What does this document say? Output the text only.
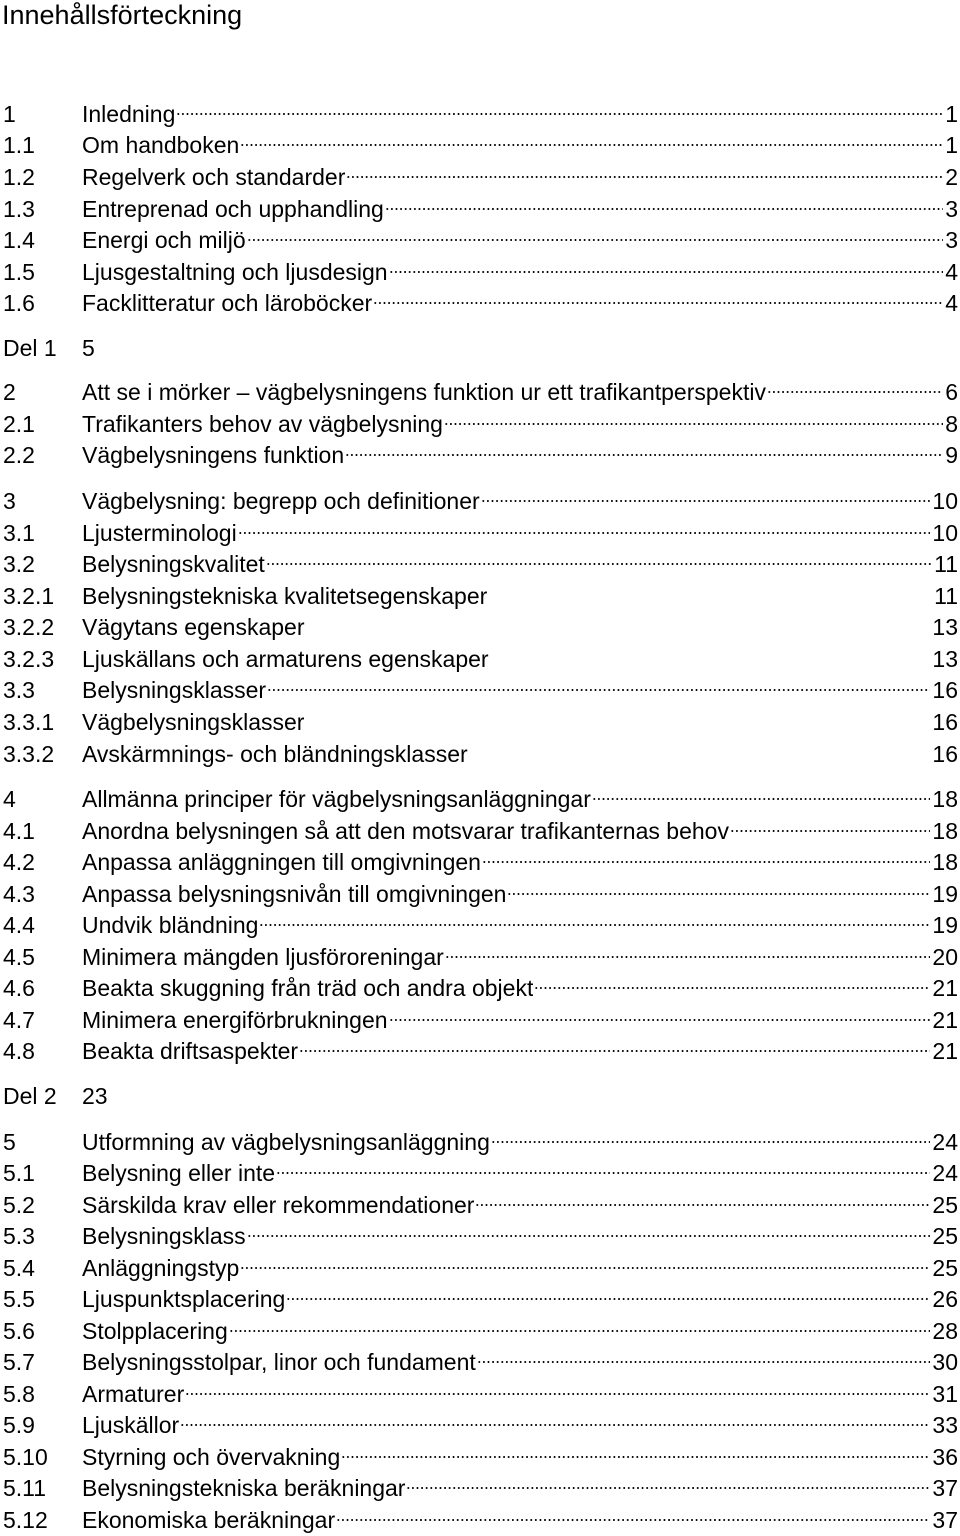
Innehållsförteckning
1	Inledning	1
1.1	Om handboken	1
1.2	Regelverk och standarder	2
1.3	Entreprenad och upphandling	3
1.4	Energi och miljö	3
1.5	Ljusgestaltning och ljusdesign	4
1.6	Facklitteratur och läroböcker	4
Del 1	5
2	Att se i mörker – vägbelysningens funktion ur ett trafikantperspektiv	6
2.1	Trafikanters behov av vägbelysning	8
2.2	Vägbelysningens funktion	9
3	Vägbelysning: begrepp och definitioner	10
3.1	Ljusterminologi	10
3.2	Belysningskvalitet	11
3.2.1	Belysningstekniska kvalitetsegenskaper	11
3.2.2	Vägytans egenskaper	13
3.2.3	Ljuskällans och armaturens egenskaper	13
3.3	Belysningsklasser	16
3.3.1	Vägbelysningsklasser	16
3.3.2	Avskärmnings- och bländningsklasser	16
4	Allmänna principer för vägbelysningsanläggningar	18
4.1	Anordna belysningen så att den motsvarar trafikanternas behov	18
4.2	Anpassa anläggningen till omgivningen	18
4.3	Anpassa belysningsnivån till omgivningen	19
4.4	Undvik bländning	19
4.5	Minimera mängden ljusföroreningar	20
4.6	Beakta skuggning från träd och andra objekt	21
4.7	Minimera energiförbrukningen	21
4.8	Beakta driftsaspekter	21
Del 2	23
5	Utformning av vägbelysningsanläggning	24
5.1	Belysning eller inte	24
5.2	Särskilda krav eller rekommendationer	25
5.3	Belysningsklass	25
5.4	Anläggningstyp	25
5.5	Ljuspunktsplacering	26
5.6	Stolpplacering	28
5.7	Belysningsstolpar, linor och fundament	30
5.8	Armaturer	31
5.9	Ljuskällor	33
5.10	Styrning och övervakning	36
5.11	Belysningstekniska beräkningar	37
5.12	Ekonomiska beräkningar	37
